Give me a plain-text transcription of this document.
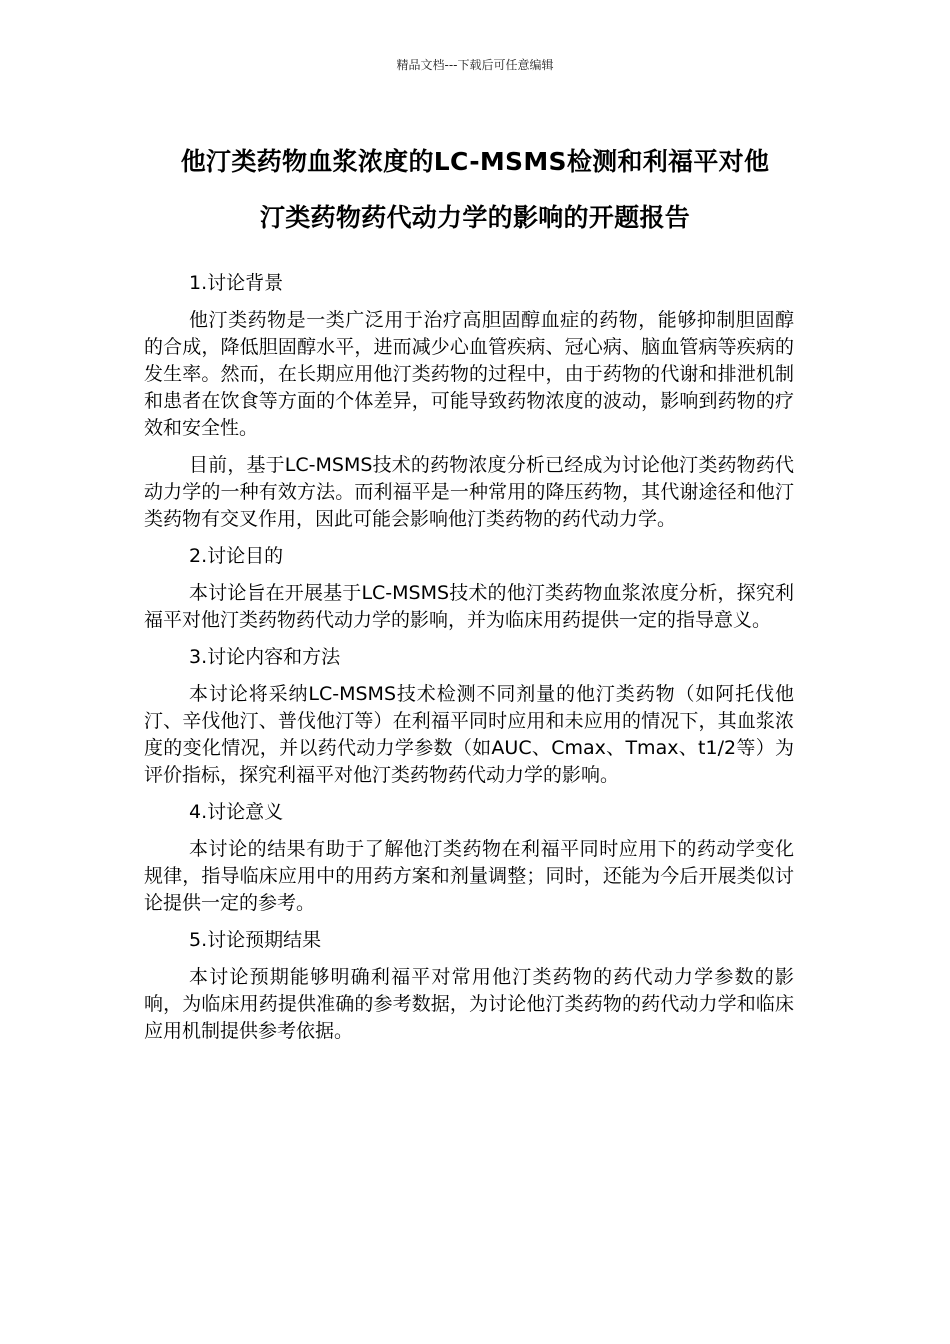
精品文档---下载后可任意编辑
他汀类药物血浆浓度的LC-MSMS检测和利福平对他
汀类药物药代动力学的影响的开题报告

1.讨论背景

他汀类药物是一类广泛用于治疗高胆固醇血症的药物，能够抑制胆固醇的合成，降低胆固醇水平，进而减少心血管疾病、冠心病、脑血管病等疾病的发生率。然而，在长期应用他汀类药物的过程中，由于药物的代谢和排泄机制和患者在饮食等方面的个体差异，可能导致药物浓度的波动，影响到药物的疗效和安全性。

目前，基于LC-MSMS技术的药物浓度分析已经成为讨论他汀类药物药代动力学的一种有效方法。而利福平是一种常用的降压药物，其代谢途径和他汀类药物有交叉作用，因此可能会影响他汀类药物的药代动力学。

2.讨论目的

本讨论旨在开展基于LC-MSMS技术的他汀类药物血浆浓度分析，探究利福平对他汀类药物药代动力学的影响，并为临床用药提供一定的指导意义。

3.讨论内容和方法

本讨论将采纳LC-MSMS技术检测不同剂量的他汀类药物（如阿托伐他汀、辛伐他汀、普伐他汀等）在利福平同时应用和未应用的情况下，其血浆浓度的变化情况，并以药代动力学参数（如AUC、Cmax、Tmax、t1/2等）为评价指标，探究利福平对他汀类药物药代动力学的影响。

4.讨论意义

本讨论的结果有助于了解他汀类药物在利福平同时应用下的药动学变化规律，指导临床应用中的用药方案和剂量调整；同时，还能为今后开展类似讨论提供一定的参考。

5.讨论预期结果

本讨论预期能够明确利福平对常用他汀类药物的药代动力学参数的影响，为临床用药提供准确的参考数据，为讨论他汀类药物的药代动力学和临床应用机制提供参考依据。
